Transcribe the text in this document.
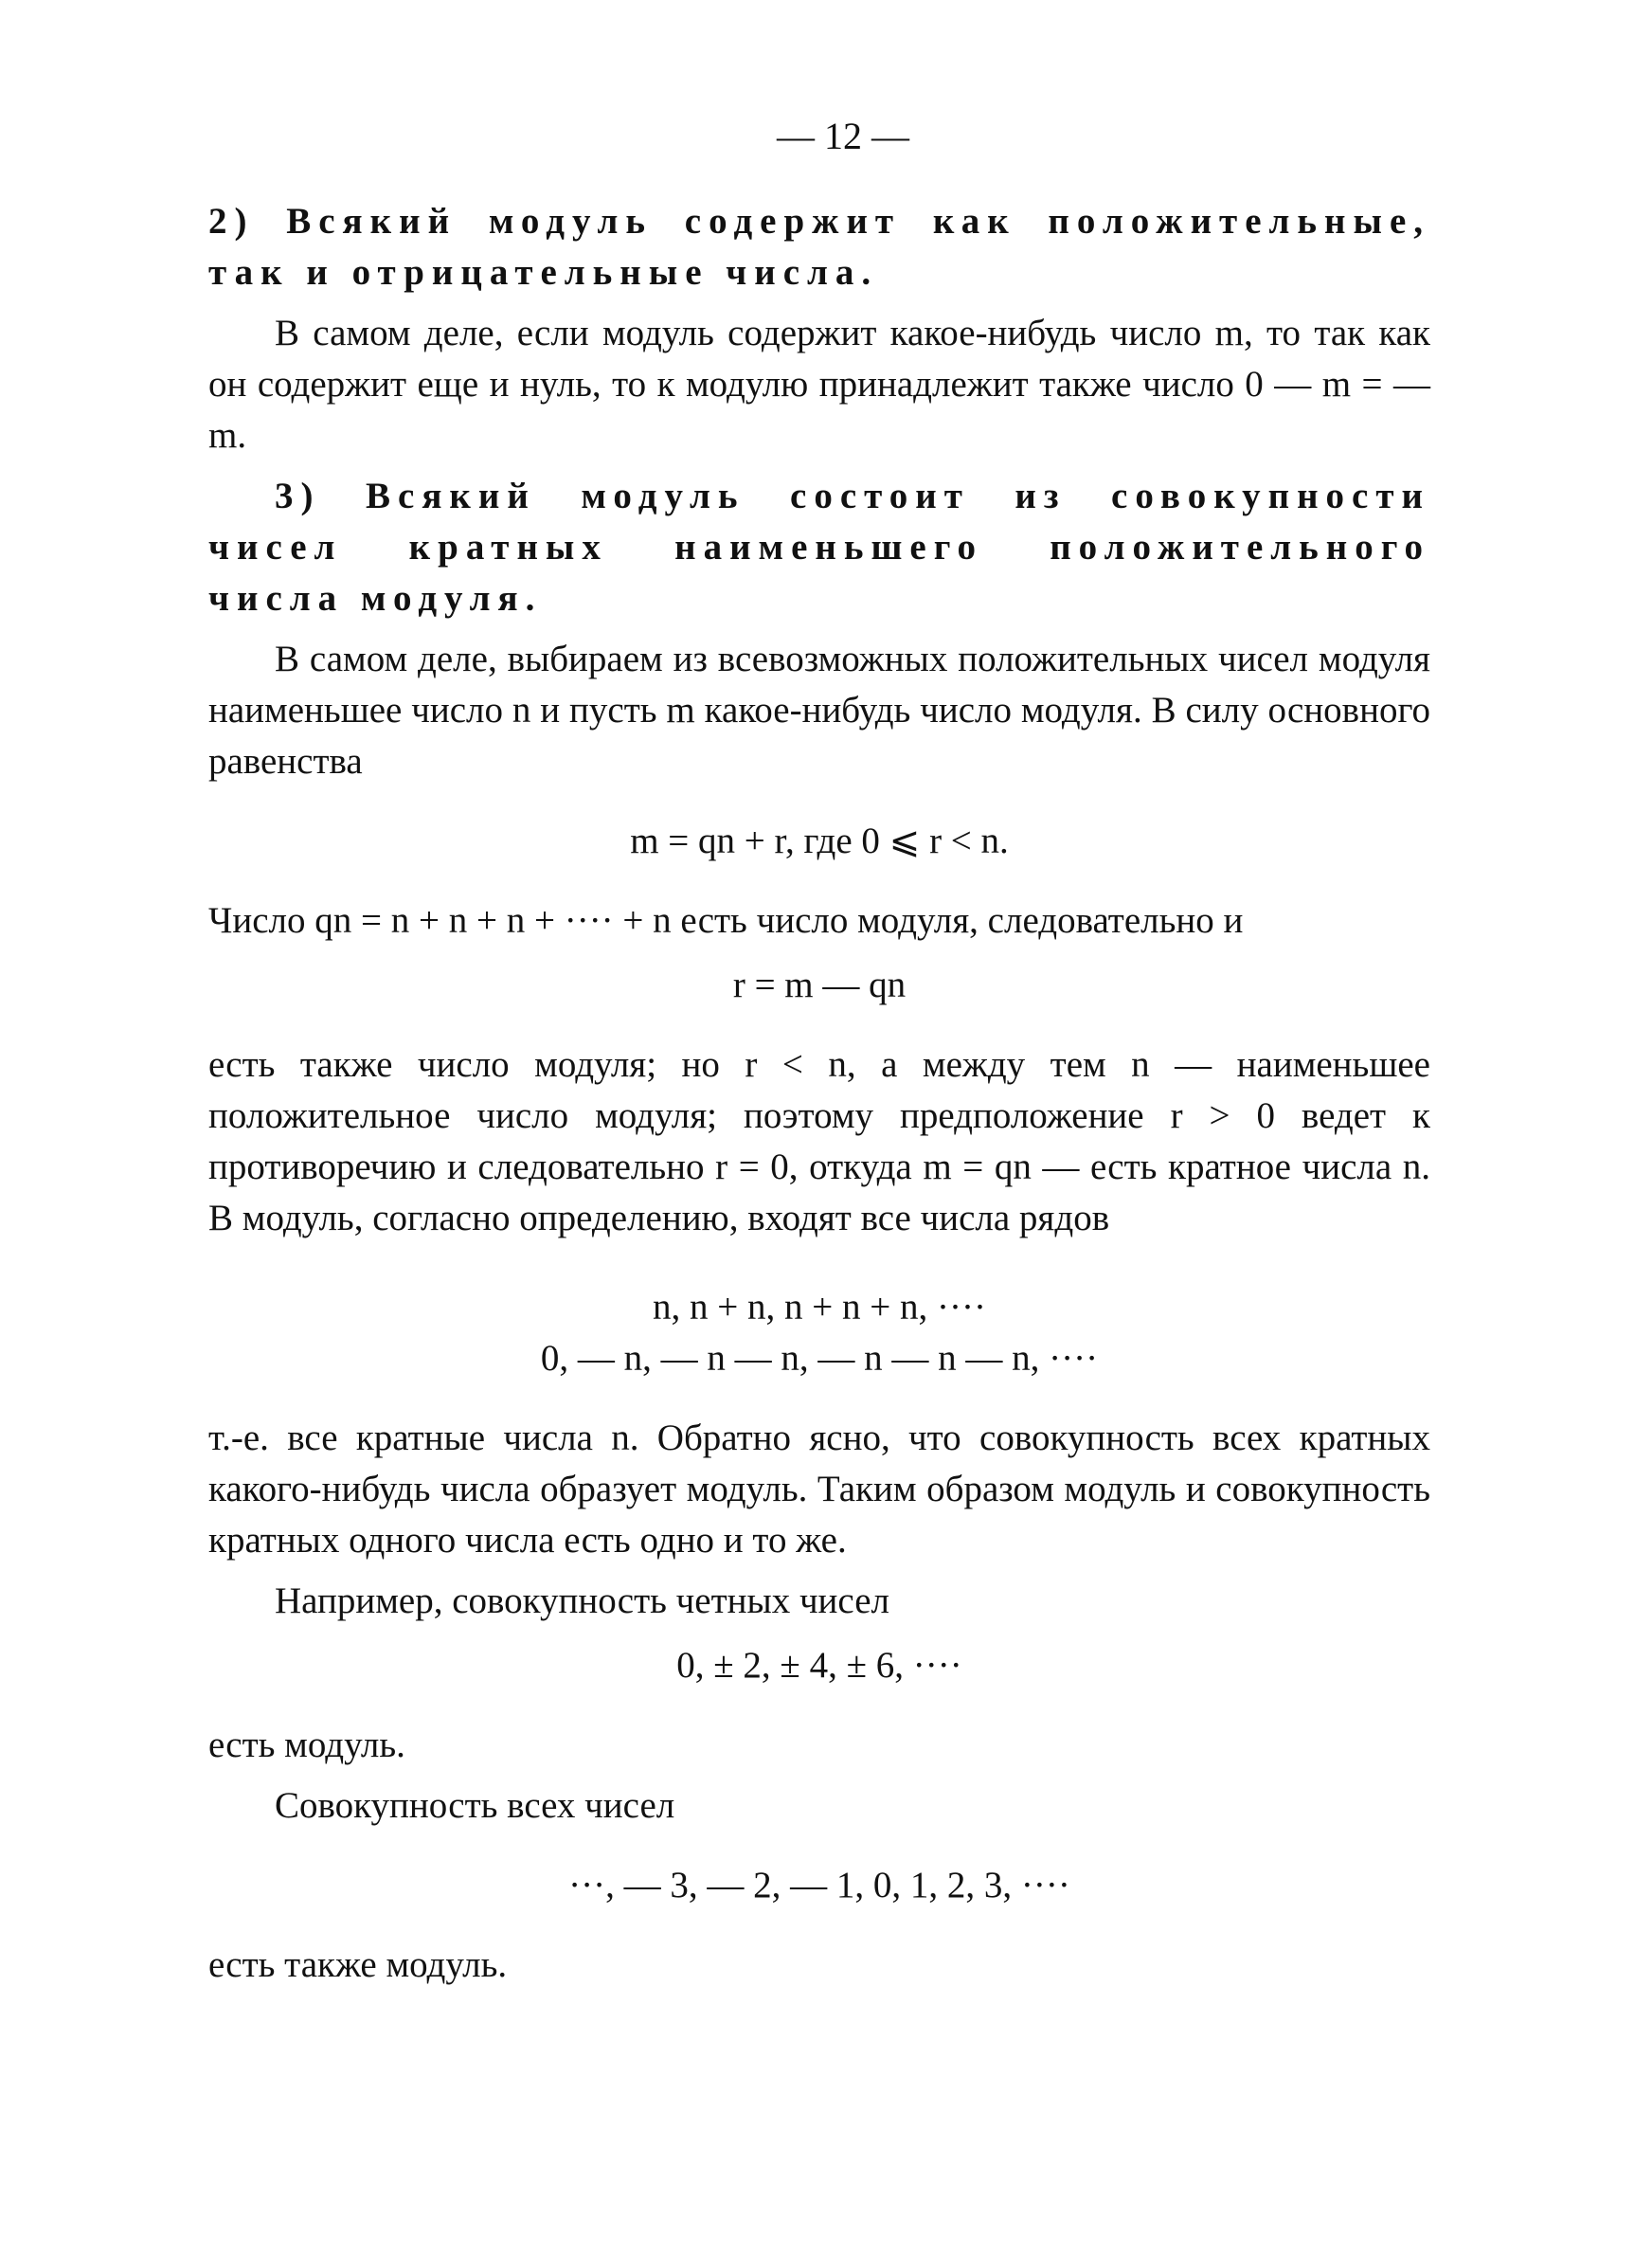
— 12 —

2) Всякий модуль содержит как положительные, так и отрицательные числа.

В самом деле, если модуль содержит какое-нибудь число m, то так как он содержит еще и нуль, то к модулю принадлежит также число 0 — m = — m.

3) Всякий модуль состоит из совокупности чисел кратных наименьшего положительного числа модуля.

В самом деле, выбираем из всевозможных положительных чисел модуля наименьшее число n и пусть m какое-нибудь число модуля. В силу основного равенства

m = qn + r, где 0 ⩽ r < n.

Число qn = n + n + n + ···· + n есть число модуля, следовательно и

r = m — qn

есть также число модуля; но r < n, а между тем n — наименьшее положительное число модуля; поэтому предположение r > 0 ведет к противоречию и следовательно r = 0, откуда m = qn — есть кратное числа n. В модуль, согласно определению, входят все числа рядов

n, n + n, n + n + n, ····
0, — n, — n — n, — n — n — n, ····

т.-е. все кратные числа n. Обратно ясно, что совокупность всех кратных какого-нибудь числа образует модуль. Таким образом модуль и совокупность кратных одного числа есть одно и то же.

Например, совокупность четных чисел

0, ± 2, ± 4, ± 6, ····

есть модуль.

Совокупность всех чисел

···, — 3, — 2, — 1, 0, 1, 2, 3, ····

есть также модуль.
